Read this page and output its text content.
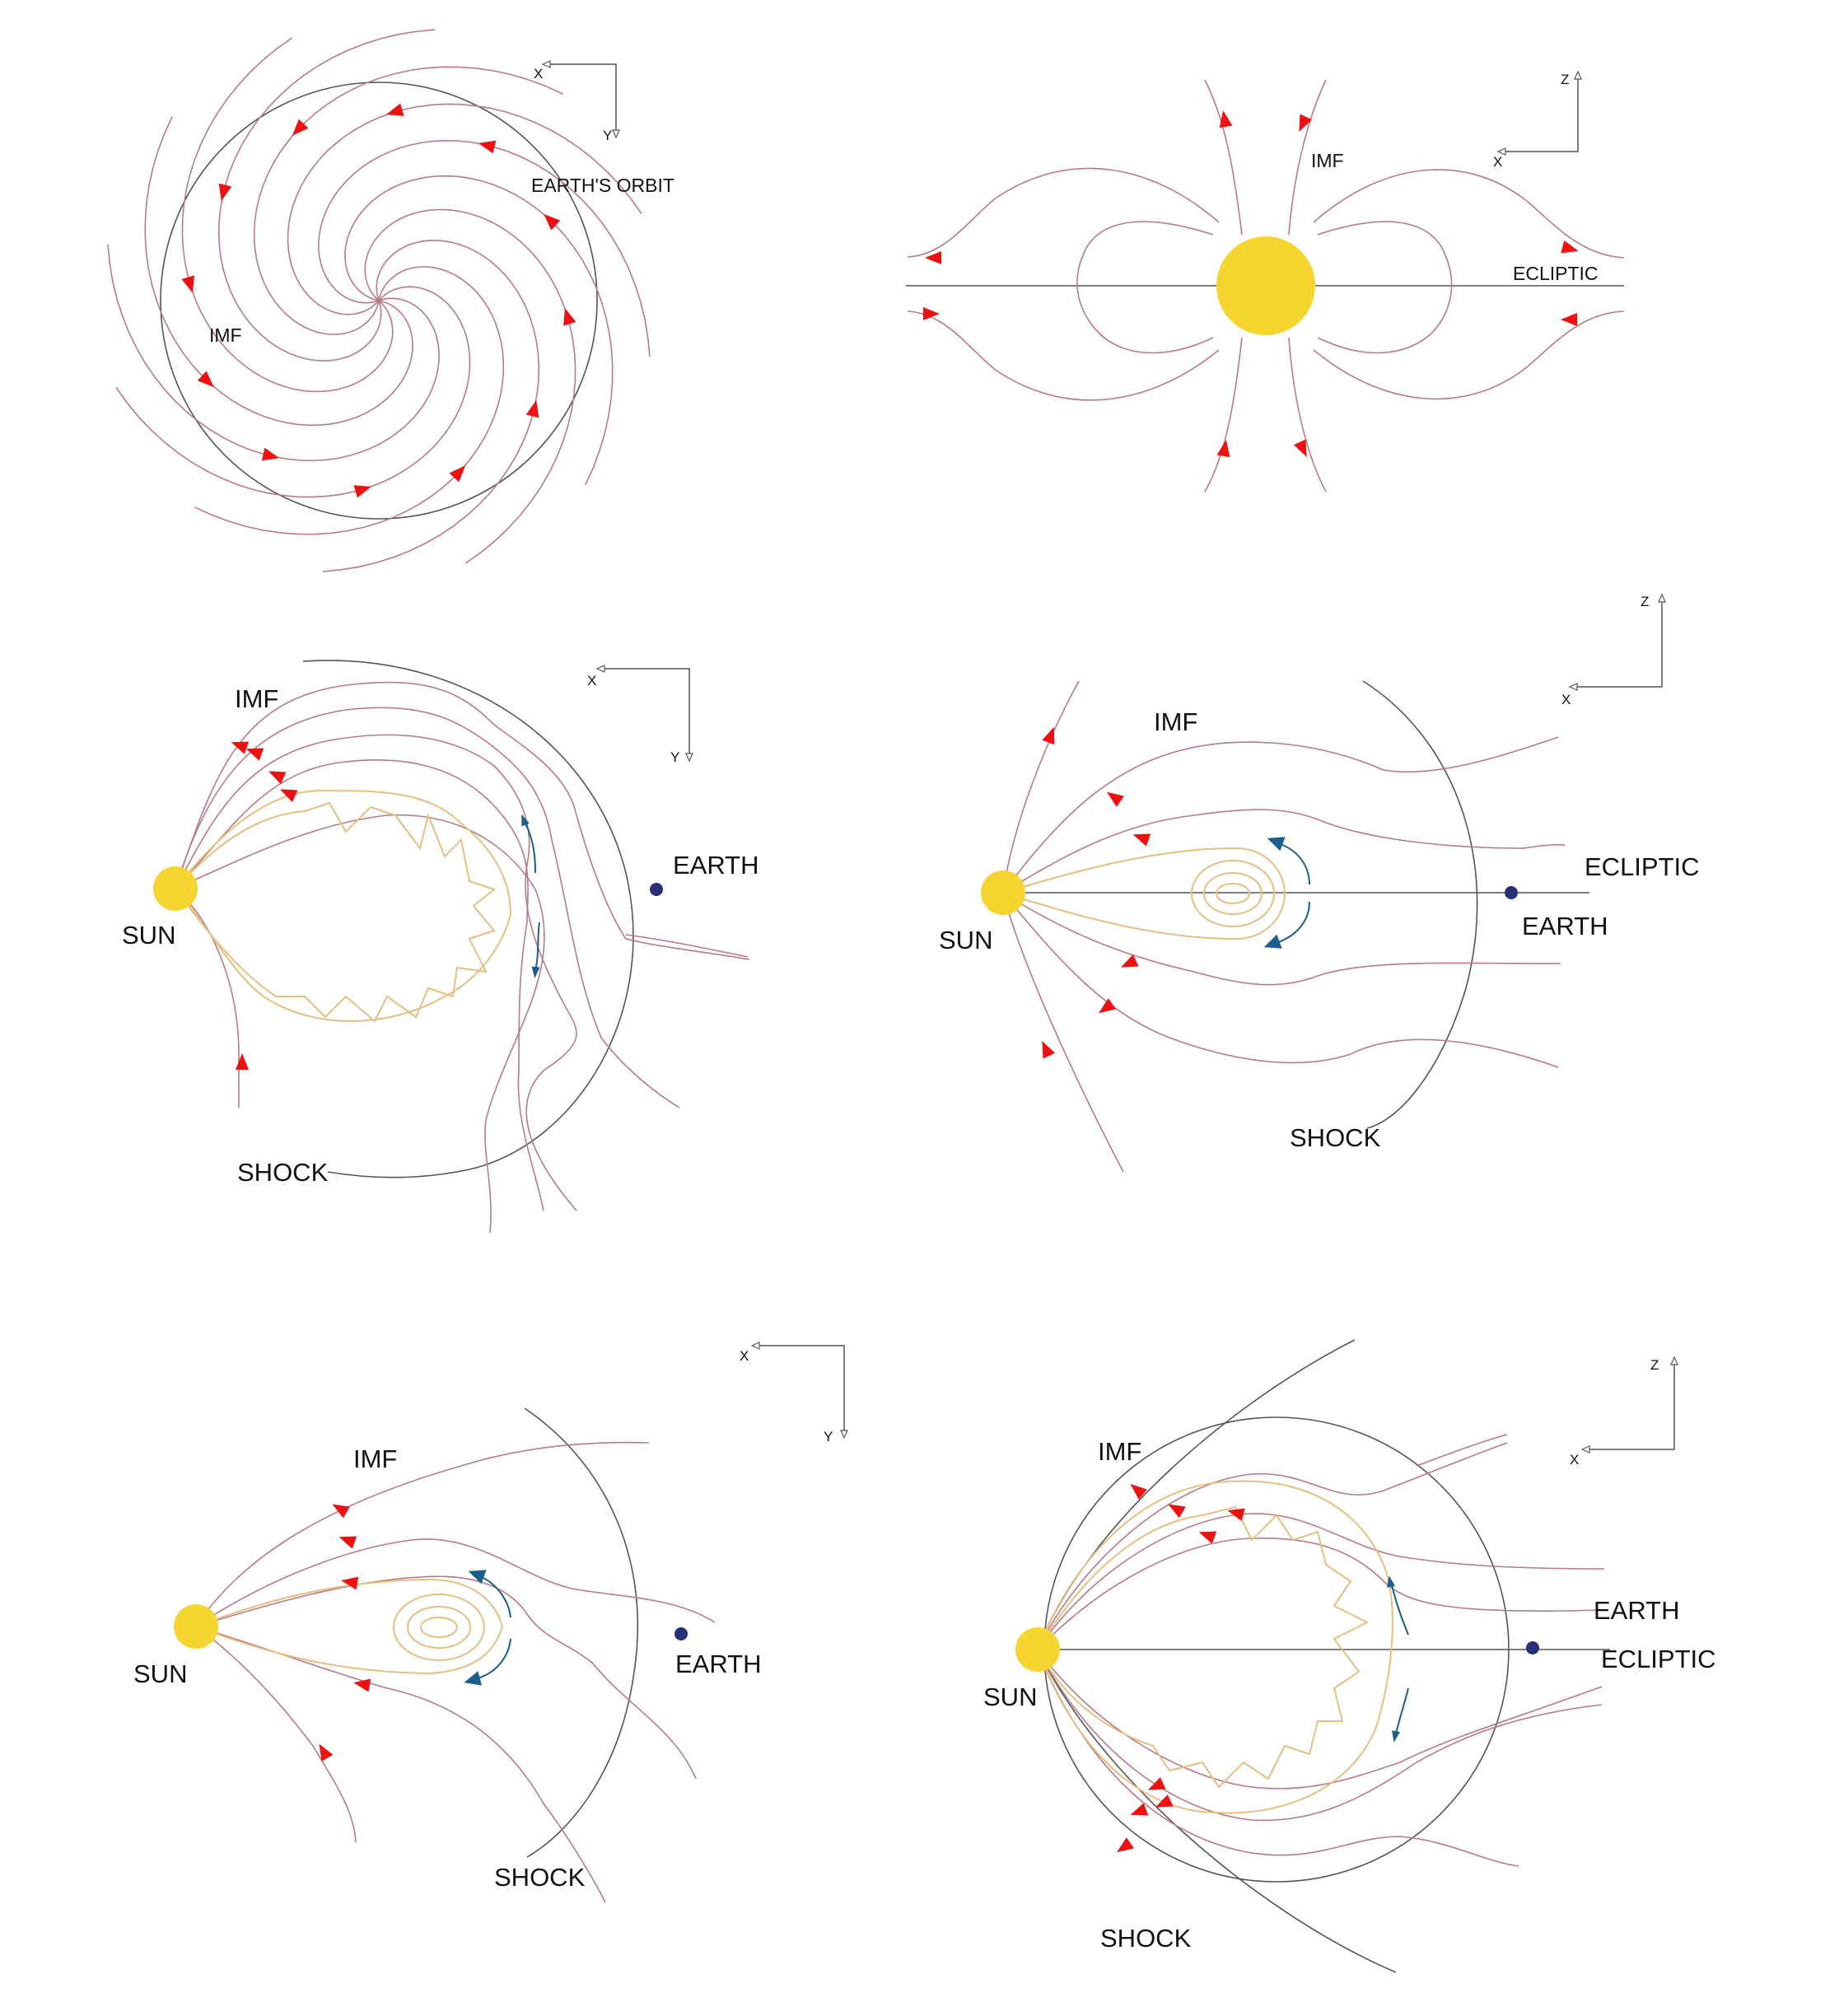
X
Y
EARTH'S ORBIT
IMF
X
Z
IMF
ECLIPTIC
X
Y
IMF
SUN
EARTH
SHOCK
X
Z
IMF
SUN
ECLIPTIC
EARTH
SHOCK
X
Y
IMF
SUN	EARTH
SHOCK
X
Z
IMF
SUN
EARTH
ECLIPTIC
SHOCK
